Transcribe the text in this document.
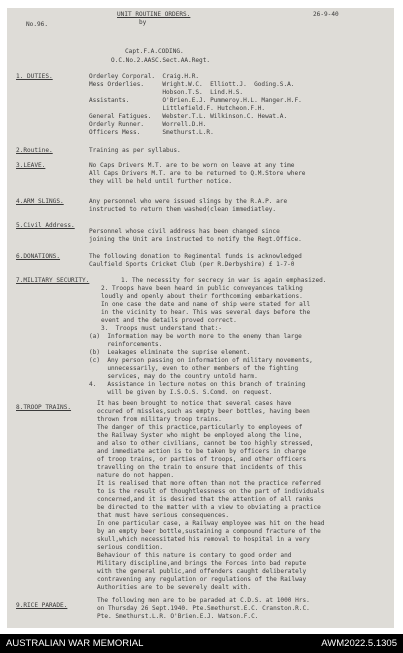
UNIT ROUTINE ORDERS.
by
No.96.
26-9-40
Capt.F.A.CODING.
O.C.No.2.AASC.Sect.AA.Regt.
1. DUTIES.	Orderley Corporal.  Craig.H.R.
Mess Orderlies.     Wright.W.C.  Elliott.J.  Goding.S.A.
Hobson.T.S.  Lind.H.S.
Assistants.         O'Brien.E.J. Pummeroy.H.L. Manger.H.F.
Littlefield.F. Hutcheon.F.H.
General Fatigues.   Webster.T.L. Wilkinson.C. Hewat.A.
Orderly Runner.     Worrell.D.H.
Officers Mess.      Smethurst.L.R.
2.Routine.	Training as per syllabus.
3.LEAVE.	No Caps Drivers M.T. are to be worn on leave at any time
All Caps Drivers M.T. are to be returned to Q.M.Store where
they will be held until further notice.
4.ARM SLINGS.	Any personnel who were issued slings by the R.A.P. are
instructed to return them washed(clean immediatley.
5.Civil Address.
Personnel whose civil address has been changed since
joining the Unit are instructed to notify the Regt.Office.
6.DONATIONS.	The following donation to Regimental funds is acknowledged
Caulfield Sports Cricket Club (per R.Derbyshire) £ 1-7-0
7.MILITARY SECURITY.	1. The necessity for secrecy in war is again emphasized.
2. Troops have been heard in public conveyances talking
loudly and openly about their forthcoming embarkations.
In one case the date and name of ship were stated for all
in the vicinity to hear. This was several days before the
event and the details proved correct.
3.  Troops must understand that:-
(a)  Information may be worth more to the enemy than large
reinforcements.
(b)  Leakages eliminate the suprise element.
(c)  Any person passing on information of military movements,
unnecessarily, even to other members of the fighting
services, may do the country untold harm.
4.   Assistance in lecture notes on this branch of training
will be given by I.S.O.S. S.Comd. on request.
8.TROOP TRAINS.
It has been brought to notice that several cases have
occured of missles,such as empty beer bottles, having been
thrown from military troop trains.
The danger of this practice,particularly to employees of
the Railway Syster who might be employed along the line,
and also to other civilians, cannot be too highly stressed,
and immediate action is to be taken by officers in charge
of troop trains, or parties of troops, and other officers
travelling on the train to ensure that incidents of this
nature do not happen.
It is realised that more often than not the practice referred
to is the result of thoughtlessness on the part of individuals
concerned,and it is desired that the attention of all ranks
be directed to the matter with a view to obviating a practice
that must have serious consequences.
In one particular case, a Railway employee was hit on the head
by an empty beer bottle,sustaining a compound fracture of the
skull,which necessitated his removal to hospital in a very
serious condition.
Behaviour of this nature is contary to good order and
Military discipline,and brings the Forces into bad repute
with the general public,and offenders caught deliberately
contravening any regulation or regulations of the Railway
Authorities are to be severely dealt with.
9.RICE PARADE.
The following men are to be paraded at C.D.S. at 1000 Hrs.
on Thursday 26 Sept.1940. Pte.Smethurst.E.C. Cranston.R.C.
Pte. Smethurst.L.R. O'Brien.E.J. Watson.F.C.
AUSTRALIAN WAR MEMORIAL	AWM2022.5.1305
